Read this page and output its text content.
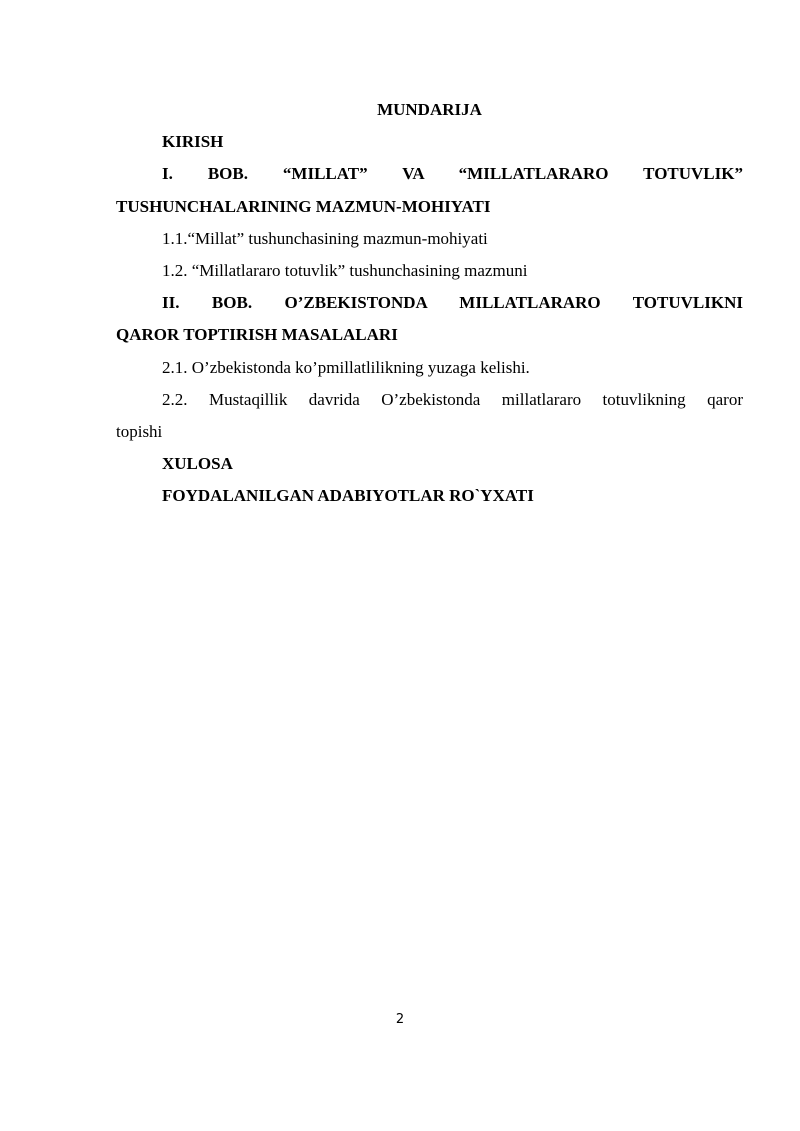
MUNDARIJA

KIRISH

I. BOB. “MILLAT” VA “MILLATLARARO TOTUVLIK”

TUSHUNCHALARINING MAZMUN-MOHIYATI

1.1.“Millat” tushunchasining mazmun-mohiyati

1.2. “Millatlararo totuvlik” tushunchasining mazmuni

II. BOB. O’ZBEKISTONDA MILLATLARARO TOTUVLIKNI

QAROR TOPTIRISH MASALALARI

2.1. O’zbekistonda ko’pmillatlilikning yuzaga kelishi.

2.2. Mustaqillik davrida O’zbekistonda millatlararo totuvlikning qaror

topishi

XULOSA

FOYDALANILGAN ADABIYOTLAR RO`YXATI

2
